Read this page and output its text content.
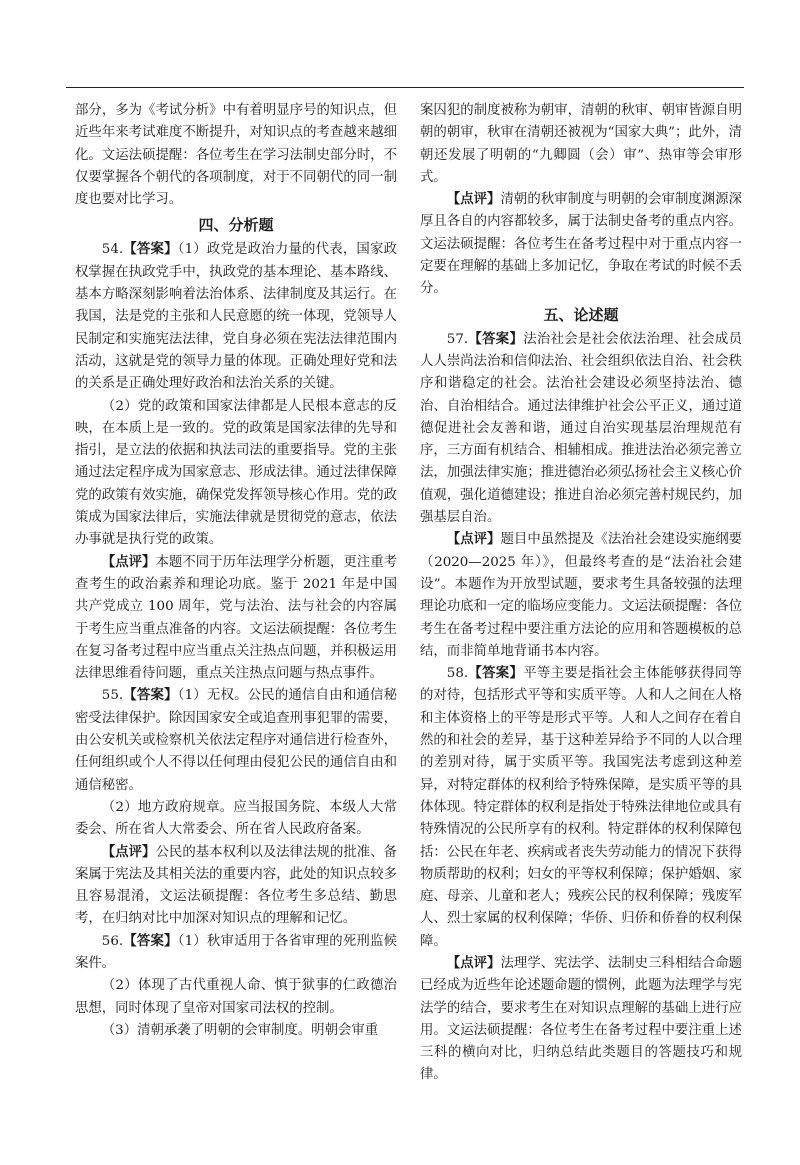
部分，多为《考试分析》中有着明显序号的知识点，但近些年来考试难度不断提升，对知识点的考查越来越细化。文运法硕提醒：各位考生在学习法制史部分时，不仅要掌握各个朝代的各项制度，对于不同朝代的同一制度也要对比学习。

四、分析题

54.【答案】（1）政党是政治力量的代表，国家政权掌握在执政党手中，执政党的基本理论、基本路线、基本方略深刻影响着法治体系、法律制度及其运行。在我国，法是党的主张和人民意愿的统一体现，党领导人民制定和实施宪法法律，党自身必须在宪法法律范围内活动，这就是党的领导力量的体现。正确处理好党和法的关系是正确处理好政治和法治关系的关键。

（2）党的政策和国家法律都是人民根本意志的反映，在本质上是一致的。党的政策是国家法律的先导和指引，是立法的依据和执法司法的重要指导。党的主张通过法定程序成为国家意志、形成法律。通过法律保障党的政策有效实施，确保党发挥领导核心作用。党的政策成为国家法律后，实施法律就是贯彻党的意志，依法办事就是执行党的政策。

【点评】本题不同于历年法理学分析题，更注重考查考生的政治素养和理论功底。鉴于 2021 年是中国共产党成立 100 周年，党与法治、法与社会的内容属于考生应当重点准备的内容。文运法硕提醒：各位考生在复习备考过程中应当重点关注热点问题，并积极运用法律思维看待问题，重点关注热点问题与热点事件。

55.【答案】（1）无权。公民的通信自由和通信秘密受法律保护。除因国家安全或追查刑事犯罪的需要，由公安机关或检察机关依法定程序对通信进行检查外，任何组织或个人不得以任何理由侵犯公民的通信自由和通信秘密。

（2）地方政府规章。应当报国务院、本级人大常委会、所在省人大常委会、所在省人民政府备案。

【点评】公民的基本权利以及法律法规的批准、备案属于宪法及其相关法的重要内容，此处的知识点较多且容易混淆，文运法硕提醒：各位考生多总结、勤思考，在归纳对比中加深对知识点的理解和记忆。

56.【答案】（1）秋审适用于各省审理的死刑监候案件。

（2）体现了古代重视人命、慎于狱事的仁政德治思想，同时体现了皇帝对国家司法权的控制。

（3）清朝承袭了明朝的会审制度。明朝会审重

案囚犯的制度被称为朝审，清朝的秋审、朝审皆源自明朝的朝审，秋审在清朝还被视为“国家大典”；此外，清朝还发展了明朝的“九卿圆（会）审”、热审等会审形式。

【点评】清朝的秋审制度与明朝的会审制度渊源深厚且各自的内容都较多，属于法制史备考的重点内容。文运法硕提醒：各位考生在备考过程中对于重点内容一定要在理解的基础上多加记忆，争取在考试的时候不丢分。

五、论述题

57.【答案】法治社会是社会依法治理、社会成员人人崇尚法治和信仰法治、社会组织依法自治、社会秩序和谐稳定的社会。法治社会建设必须坚持法治、德治、自治相结合。通过法律维护社会公平正义，通过道德促进社会友善和谐，通过自治实现基层治理规范有序，三方面有机结合、相辅相成。推进法治必须完善立法，加强法律实施；推进德治必须弘扬社会主义核心价值观，强化道德建设；推进自治必须完善村规民约，加强基层自治。

【点评】题目中虽然提及《法治社会建设实施纲要（2020—2025 年）》，但最终考查的是“法治社会建设”。本题作为开放型试题，要求考生具备较强的法理理论功底和一定的临场应变能力。文运法硕提醒：各位考生在备考过程中要注重方法论的应用和答题模板的总结，而非简单地背诵书本内容。

58.【答案】平等主要是指社会主体能够获得同等的对待，包括形式平等和实质平等。人和人之间在人格和主体资格上的平等是形式平等。人和人之间存在着自然的和社会的差异，基于这种差异给予不同的人以合理的差别对待，属于实质平等。我国宪法考虑到这种差异，对特定群体的权利给予特殊保障，是实质平等的具体体现。特定群体的权利是指处于特殊法律地位或具有特殊情况的公民所享有的权利。特定群体的权利保障包括：公民在年老、疾病或者丧失劳动能力的情况下获得物质帮助的权利；妇女的平等权利保障；保护婚姻、家庭、母亲、儿童和老人；残疾公民的权利保障；残废军人、烈士家属的权利保障；华侨、归侨和侨眷的权利保障。

【点评】法理学、宪法学、法制史三科相结合命题已经成为近些年论述题命题的惯例，此题为法理学与宪法学的结合，要求考生在对知识点理解的基础上进行应用。文运法硕提醒：各位考生在备考过程中要注重上述三科的横向对比，归纳总结此类题目的答题技巧和规律。
